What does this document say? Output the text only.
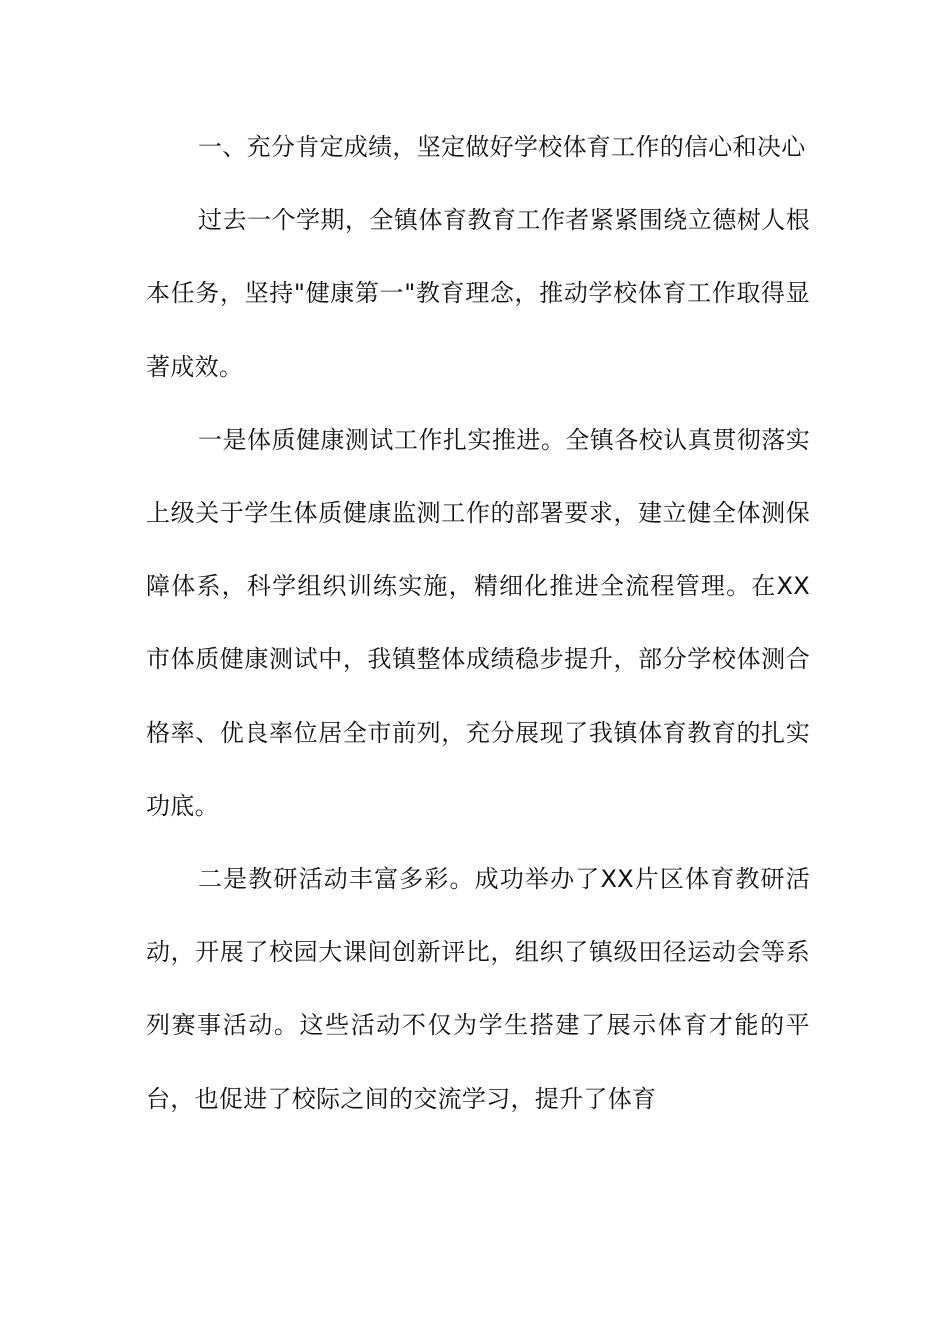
一、充分肯定成绩，坚定做好学校体育工作的信心和决心

过去一个学期，全镇体育教育工作者紧紧围绕立德树人根本任务，坚持"健康第一"教育理念，推动学校体育工作取得显著成效。

一是体质健康测试工作扎实推进。全镇各校认真贯彻落实上级关于学生体质健康监测工作的部署要求，建立健全体测保障体系，科学组织训练实施，精细化推进全流程管理。在XX市体质健康测试中，我镇整体成绩稳步提升，部分学校体测合格率、优良率位居全市前列，充分展现了我镇体育教育的扎实功底。

二是教研活动丰富多彩。成功举办了XX片区体育教研活动，开展了校园大课间创新评比，组织了镇级田径运动会等系列赛事活动。这些活动不仅为学生搭建了展示体育才能的平台，也促进了校际之间的交流学习，提升了体育
